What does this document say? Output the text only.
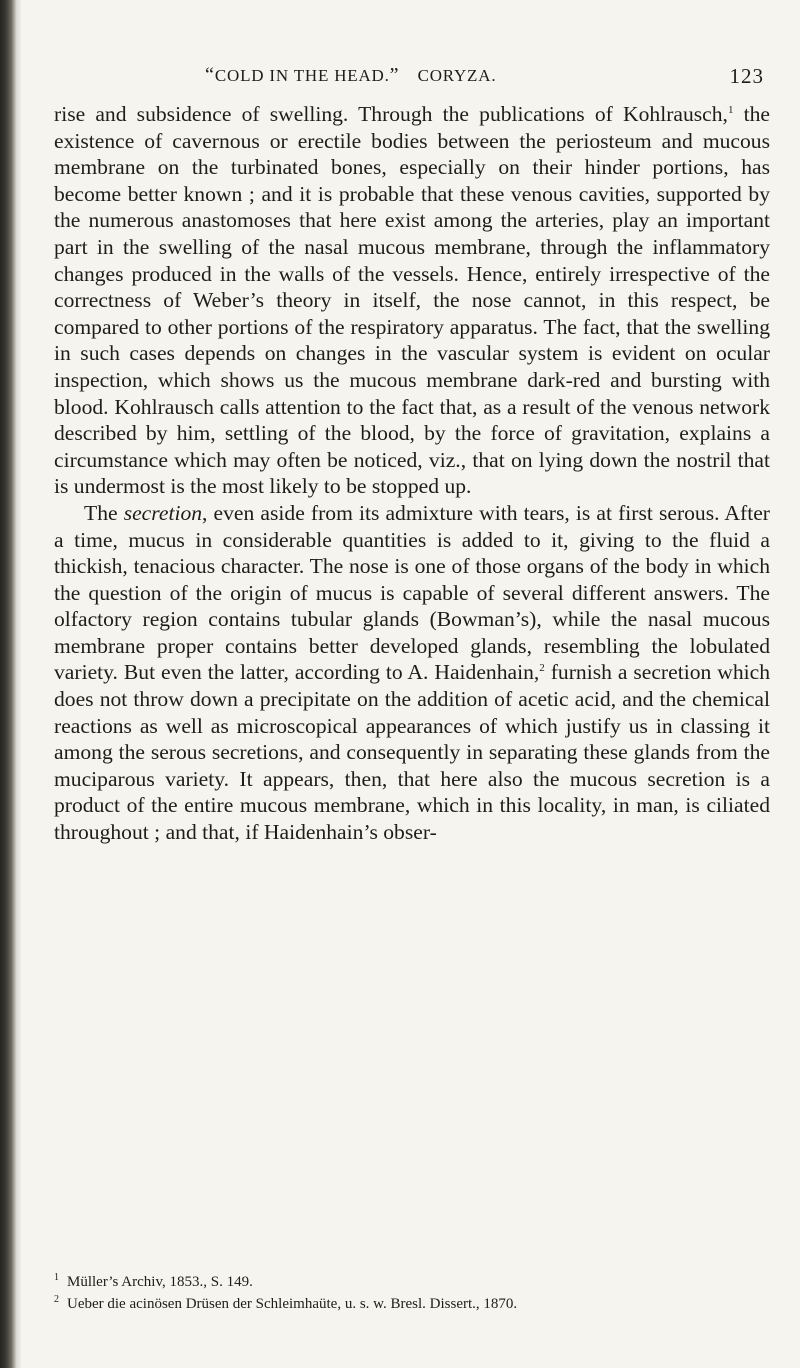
“COLD IN THE HEAD.” CORYZA.	123

rise and subsidence of swelling. Through the publications of Kohlrausch,$^1$ the existence of cavernous or erectile bodies between the periosteum and mucous membrane on the turbinated bones, especially on their hinder portions, has become better known ; and it is probable that these venous cavities, supported by the numerous anastomoses that here exist among the arteries, play an important part in the swelling of the nasal mucous membrane, through the inflammatory changes produced in the walls of the vessels. Hence, entirely irrespective of the correctness of Weber’s theory in itself, the nose cannot, in this respect, be compared to other portions of the respiratory apparatus. The fact, that the swelling in such cases depends on changes in the vascular system is evident on ocular inspection, which shows us the mucous membrane dark-red and bursting with blood. Kohlrausch calls attention to the fact that, as a result of the venous network described by him, settling of the blood, by the force of gravitation, explains a circumstance which may often be noticed, viz., that on lying down the nostril that is undermost is the most likely to be stopped up.

The secretion, even aside from its admixture with tears, is at first serous. After a time, mucus in considerable quantities is added to it, giving to the fluid a thickish, tenacious character. The nose is one of those organs of the body in which the question of the origin of mucus is capable of several different answers. The olfactory region contains tubular glands (Bowman’s), while the nasal mucous membrane proper contains better developed glands, resembling the lobulated variety. But even the latter, according to A. Haidenhain,$^2$ furnish a secretion which does not throw down a precipitate on the addition of acetic acid, and the chemical reactions as well as microscopical appearances of which justify us in classing it among the serous secretions, and consequently in separating these glands from the muciparous variety. It appears, then, that here also the mucous secretion is a product of the entire mucous membrane, which in this locality, in man, is ciliated throughout ; and that, if Haidenhain’s obser-

$^1$ Müller’s Archiv, 1853., S. 149.
$^2$ Ueber die acinösen Drüsen der Schleimhaüte, u. s. w. Bresl. Dissert., 1870.
